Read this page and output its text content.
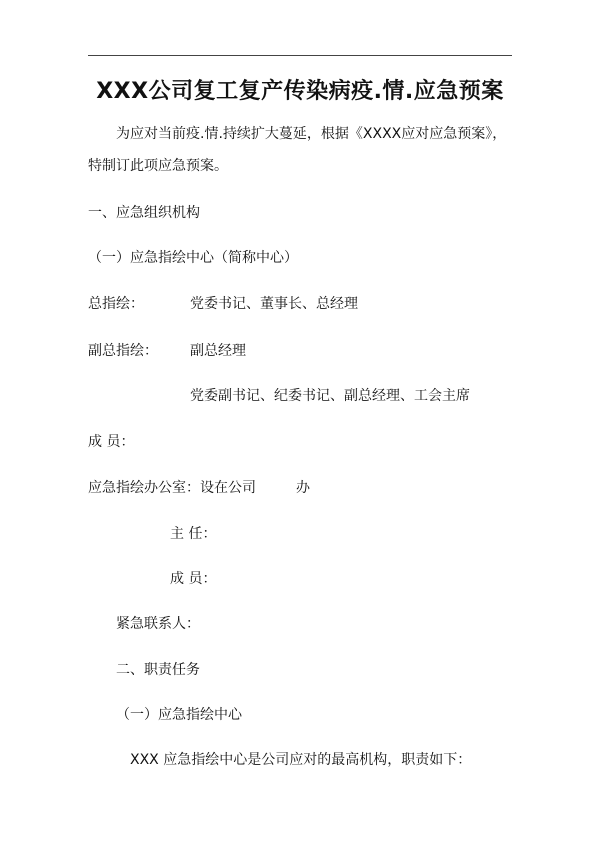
XXX公司复工复产传染病疫.情.应急预案
为应对当前疫.情.持续扩大蔓延，根据《XXXX应对应急预案》，
特制订此项应急预案。
一、应急组织机构
（一）应急指绘中心（简称中心）
总指绘：	党委书记、董事长、总经理
副总指绘： 副总经理
党委副书记、纪委书记、副总经理、工会主席
成 员：
应急指绘办公室：设在公司	办
主 任：
成 员：
紧急联系人：
二、职责任务
（一）应急指绘中心
XXX 应急指绘中心是公司应对的最高机构，职责如下：
